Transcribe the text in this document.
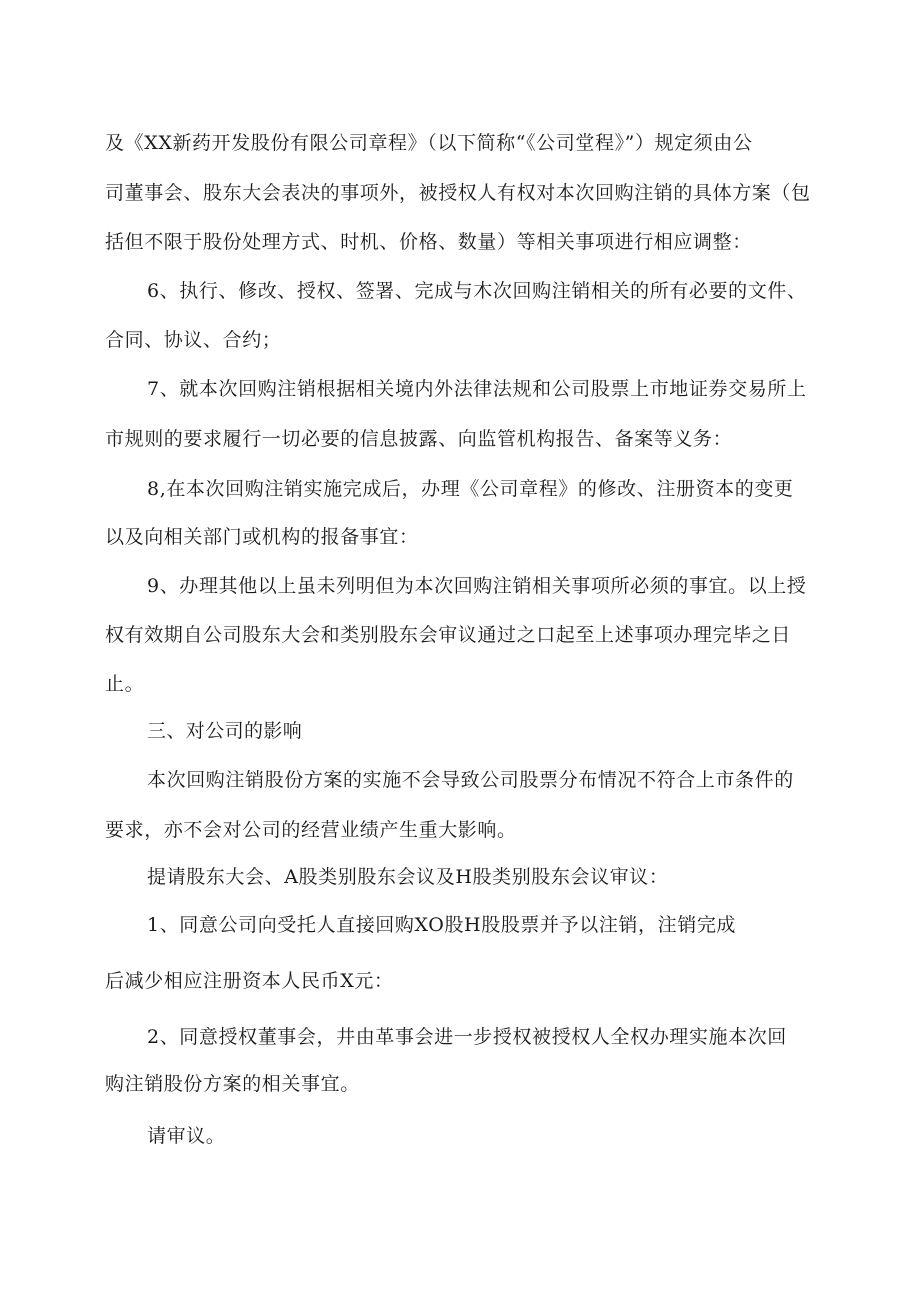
及《XX新药开发股份有限公司章程》（以下简称“《公司堂程》”）规定须由公
司董事会、股东大会表决的事项外，被授权人有权对本次回购注销的具体方案（包
括但不限于股份处理方式、时机、价格、数量）等相关事项进行相应调整：
6、执行、修改、授权、签署、完成与木次回购注销相关的所有必要的文件、
合同、协议、合约；
7、就本次回购注销根据相关境内外法律法规和公司股票上市地证券交易所上
市规则的要求履行一切必要的信息披露、向监管机构报告、备案等义务：
8,在本次回购注销实施完成后，办理《公司章程》的修改、注册资本的变更
以及向相关部门或机构的报备事宜：
9、办理其他以上虽未列明但为本次回购注销相关事项所必须的事宜。以上授
权有效期自公司股东大会和类别股东会审议通过之口起至上述事项办理完毕之日
止。
三、对公司的影响
本次回购注销股份方案的实施不会导致公司股票分布情况不符合上市条件的
要求，亦不会对公司的经营业绩产生重大影响。
提请股东大会、A股类别股东会议及H股类别股东会议审议：
1、同意公司向受托人直接回购XO股H股股票并予以注销，注销完成
后减少相应注册资本人民币X元：
2、同意授权董事会，井由革事会进一步授权被授权人全权办理实施本次回
购注销股份方案的相关事宜。
请审议。
